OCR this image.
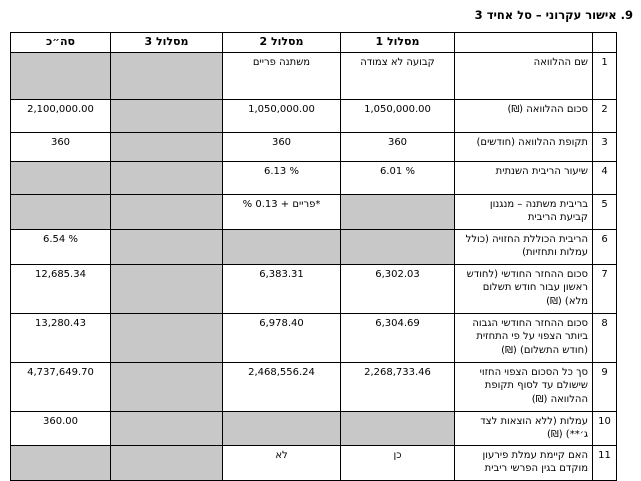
9.אישור עקרוני – סל אחיד 3
		מסלול 1	מסלול 2	מסלול 3	סה״כ
1	שם ההלוואה	קבועה לא צמודה	משתנה פריים		
2	סכום ההלוואה (₪)	1,050,000.00	1,050,000.00		2,100,000.00
3	תקופת ההלוואה (חודשים)	360	360		360
4	שיעור הריבית השנתית	6.01 %	6.13 %		
5	בריבית משתנה – מנגנון קביעת הריבית		*פריים + 0.13 %		
6	הריבית הכוללת החזויה (כולל עמלות ותחזיות)				6.54 %
7	סכום ההחזר החודשי (לחודש ראשון עבור חודש תשלום מלא) (₪)	6,302.03	6,383.31		12,685.34
8	סכום ההחזר החודשי הגבוה ביותר הצפוי על פי התחזית (חודש התשלום) (₪)	6,304.69	6,978.40		13,280.43
9	סך כל הסכום הצפוי החזוי שישולם עד לסוף תקופת ההלוואה (₪)	2,268,733.46	2,468,556.24		4,737,649.70
10	עמלות (ללא הוצאות לצד ג׳**) (₪)				360.00
11	האם קיימת עמלת פירעון מוקדם בגין הפרשי ריבית	כן	לא		
